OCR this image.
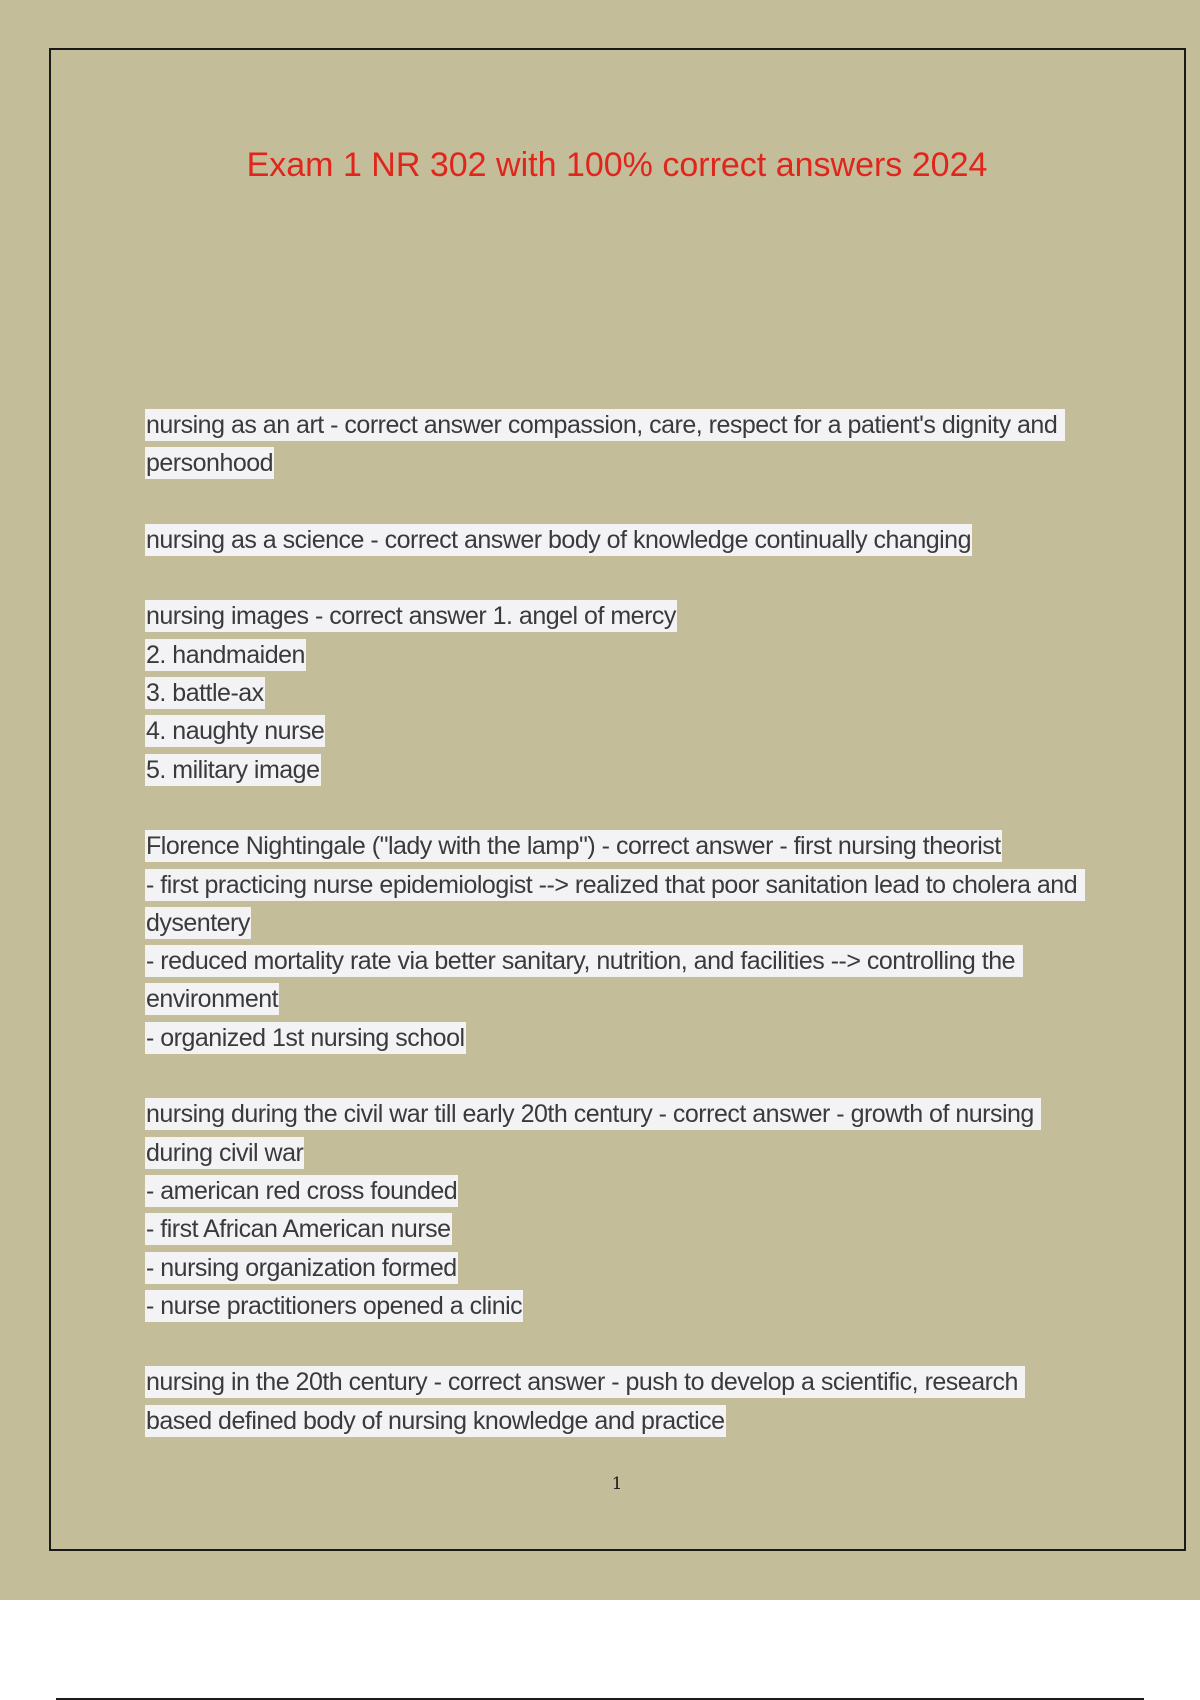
Exam 1 NR 302 with 100% correct answers 2024
nursing as an art - correct answer compassion, care, respect for a patient's dignity and personhood
nursing as a science - correct answer body of knowledge continually changing
nursing images - correct answer 1. angel of mercy
2. handmaiden
3. battle-ax
4. naughty nurse
5. military image
Florence Nightingale ("lady with the lamp") - correct answer - first nursing theorist
- first practicing nurse epidemiologist --> realized that poor sanitation lead to cholera and dysentery
- reduced mortality rate via better sanitary, nutrition, and facilities --> controlling the environment
- organized 1st nursing school
nursing during the civil war till early 20th century - correct answer - growth of nursing during civil war
- american red cross founded
- first African American nurse
- nursing organization formed
- nurse practitioners opened a clinic
nursing in the 20th century - correct answer - push to develop a scientific, research based defined body of nursing knowledge and practice
1
